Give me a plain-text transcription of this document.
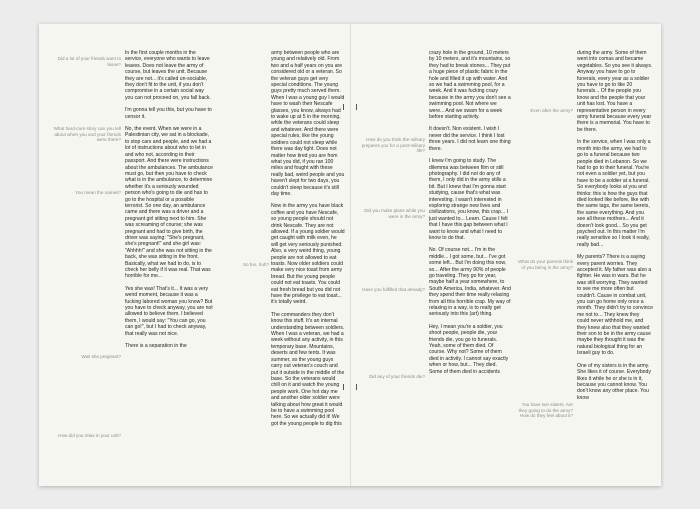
Did a lot of your friends want to leave?
What hard-core story can you tell about when you and your friends were there?
You mean the names?
Was she pregnant?
How did you relax in your unit?

In the first couple months in the service, everyone who wants to leave leaves. Does not leave the army of course, but leaves the unit. Because they are not... it's called un-sociable, they don't fit to the unit, if you don't compromise in a certain social way you can not proceed on, you fall back.

I'm gonna tell you this, but you have to censor it.

No, the event. When we were in a Palestinian city, we sat in a blockade, to stop cars and people, and we had a lot of instructions about who to let in and who not, according to their passport. And there were instructions about the ambulances. The ambulance must go, but then you have to check what is in the ambulance, to determine whether it's a seriously wounded person who's going to die and has to go to the hospital or a possible terrorist. So one day, an ambulance came and there was a driver and a pregnant girl sitting next to him. She was screaming of course; she was pregnant and had to give birth, the driver was saying: "She's pregnant, she's pregnant!" and she girl was: "Ahhhh!" and she was not sitting in the back, she was sitting in the front. Basically, what we had to do, is to check her belly if it was real. That was horrible for me...

Yes she was! That's it... It was a very weird moment, because it was a fucking labored woman you know? But you have to check anyway, you are not allowed to believe them. I believed them, I would say: "You can go, you can go!", but I had to check anyway, that really was not nice.

There is a separation in the

So fun, huh?

army between people who are young and relatively old. From two and a half years on you are considered old or a veteran. So the veteran guys get very special conditions. The young guys pretty much served them. When I was a young guy I would have to wash their Nescafe glasses, you know, always had to wake up at 5 in the morning, while the veterans could sleep and whatever. And there were special rules, like the young soldiers could not sleep while there was day light. Does not matter how tired you are from what you did, if you ran 100 miles and fought with these really bad, weird people and you haven't slept for two days, you couldn't sleep because it's still day time.

Now in the army you have black coffee and you have Nescafe, so young people should not drink Nescafe. They are not allowed. If a young soldier would get caught with milk even, he will get very seriously punished. Also, a very weird thing, young people are not allowed to eat toasts. Now older soldiers could make very nice toast from army bread. But the young people could not eat toasts. You could eat fresh bread but you did not have the privilege to eat toast... it's totally weird.

The commanders they don't know this stuff. It's an internal understanding between soldiers. When I was a veteran, we had a week without any activity, in this temporary base. Mountains, deserts and few tents. It was summer, so the young guys carry out veteran's couch and put it outside in the middle of the base. So the veterans would chill on it and watch the young people work. One hot day me and another older soldier were talking about how great it would be to have a swimming pool here. So we actually did it! We got the young people to dig this

How do you think the military prepares you for a post-military life?
Did you make plans while you were in the army?
Have you fulfilled that already?
Did any of your friends die?

crazy hole in the ground, 10 meters by 10 meters, and it's mountains, so they had to break stones... They put a huge piece of plastic fabric in the hole and filled it up with water. And so we had a swimming pool, for a week. And it was fucking crazy because in the army you don't see a swimming pool. Not where we were... And we swam for a week before starting activity.

It doesn't. Non existent. I wish I never did the service. I think I lost three years. I did not learn one thing there.

I knew I'm going to study. The dilemma was between film or still photography. I did not do any of them, I only did in the army stills a bit. But I knew that I'm gonna start studying, cause that's what was interesting. I wasn't interested in exploring strange new lives and civilizations, you know, this crap... I just wanted to... Learn. Cause I felt that I have this gap between what I want to know and what I need to know to do that.

No. Of course not... I'm in the middle... I got some, but... I've got some left... But I'm doing this now, so... After the army 90% of people go traveling. They go for year, maybe half a year somewhere, to South America, India, whatever. And they spend their time really relaxing from all this horrible crap. My way of relaxing in a way, is to really get seriously into this (art) thing.

Hey, I mean you're a soldier, you shoot people, people die, your friends die, you go to funerals. Yeah, some of them died. Of course. Why not? Some of them died in activity. I cannot say exactly when or how, but... They died. Some of them died in accidents

Even after the army?
What do your parents think of you being in the army?
You have two sisters. Are they going to do the army? How do they feel about it?

during the army. Some of them went into comas and became vegetables. So you see it always. Anyway you have to go to funerals, every year as a soldier you have to go to like 20 funerals... Of the people you know and the people that your unit has lost. You have a representative person in every army funeral because every year there is a memorial. You have to be there.

In the service, when I was only a month into the army, we had to go to a funeral because two people died in Lebanon. So we had to go to their funeral. You're not even a soldier yet, but you have to be a soldier at a funeral. So everybody looks at you and thinks: this is how the guys that died looked like before, like with the same tags, the same berets, the same everything. And you see all these mothers... And it doesn't look good... So you get psyched out. In this matter I'm really sensitive so I took it really, really bad...

My parents? There is a saying every parent worries. They accepted it. My father was also a fighter. He was in wars. But he was still worrying. They wanted to see me more often but couldn't. Cause in combat unit, you can go home only once a month. They didn't try to convince me not to... They knew they could never withhold me, and they knew also that they wanted their son to be in the army cause maybe they thought it was the natural biological thing for an Israeli guy to do.

One of my sisters is in the army. She likes it of course. Everybody likes it while he or she is in it, because you cannot know. You don't know any other place. You know
